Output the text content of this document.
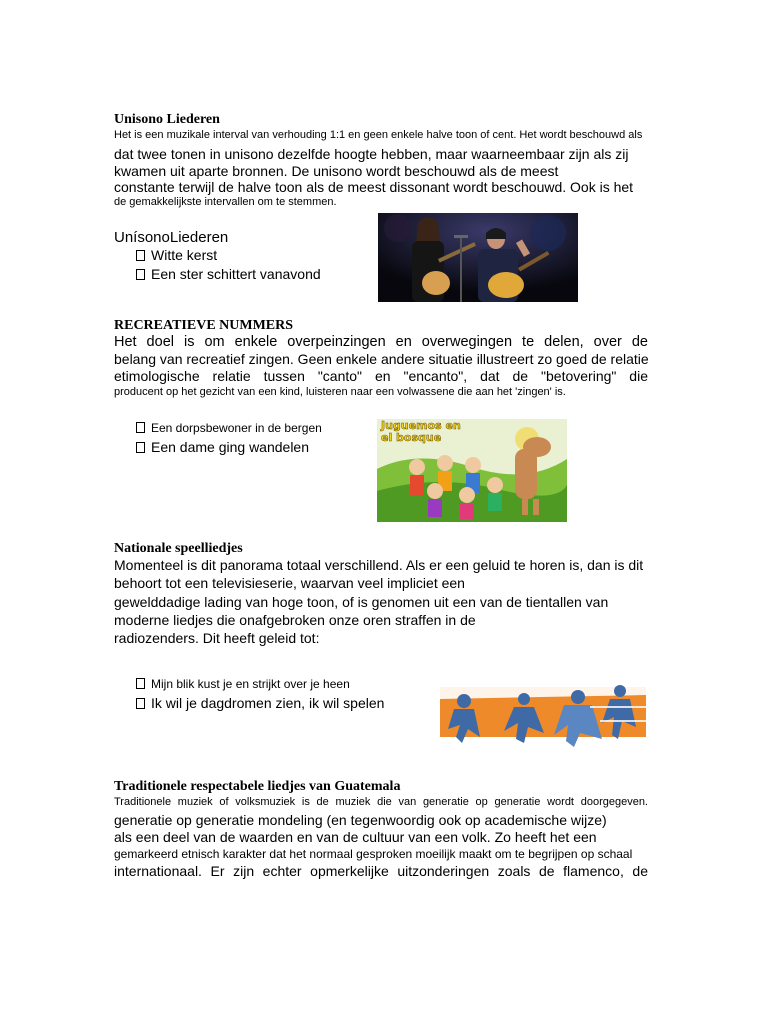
Unisono Liederen
Het is een muzikale interval van verhouding 1:1 en geen enkele halve toon of cent. Het wordt beschouwd als
dat twee tonen in unisono dezelfde hoogte hebben, maar waarneembaar zijn als zij
kwamen uit aparte bronnen. De unisono wordt beschouwd als de meest
constante terwijl de halve toon als de meest dissonant wordt beschouwd. Ook is het
de gemakkelijkste intervallen om te stemmen.
UnísonoLiederen
Witte kerst
Een ster schittert vanavond
RECREATIEVE NUMMERS
Het doel is om enkele overpeinzingen en overwegingen te delen, over de
belang van recreatief zingen. Geen enkele andere situatie illustreert zo goed de relatie
etimologische relatie tussen "canto" en "encanto", dat de "betovering" die
producent op het gezicht van een kind, luisteren naar een volwassene die aan het 'zingen' is.
Een dorpsbewoner in de bergen
Een dame ging wandelen
Juguemos en
el bosque
Nationale speelliedjes
Momenteel is dit panorama totaal verschillend. Als er een geluid te horen is, dan is dit
behoort tot een televisieserie, waarvan veel impliciet een
gewelddadige lading van hoge toon, of is genomen uit een van de tientallen van
moderne liedjes die onafgebroken onze oren straffen in de
radiozenders. Dit heeft geleid tot:
Mijn blik kust je en strijkt over je heen
Ik wil je dagdromen zien, ik wil spelen
Traditionele respectabele liedjes van Guatemala
Traditionele muziek of volksmuziek is de muziek die van generatie op generatie wordt doorgegeven.
generatie op generatie mondeling (en tegenwoordig ook op academische wijze)
als een deel van de waarden en van de cultuur van een volk. Zo heeft het een
gemarkeerd etnisch karakter dat het normaal gesproken moeilijk maakt om te begrijpen op schaal
internationaal. Er zijn echter opmerkelijke uitzonderingen zoals de flamenco, de
